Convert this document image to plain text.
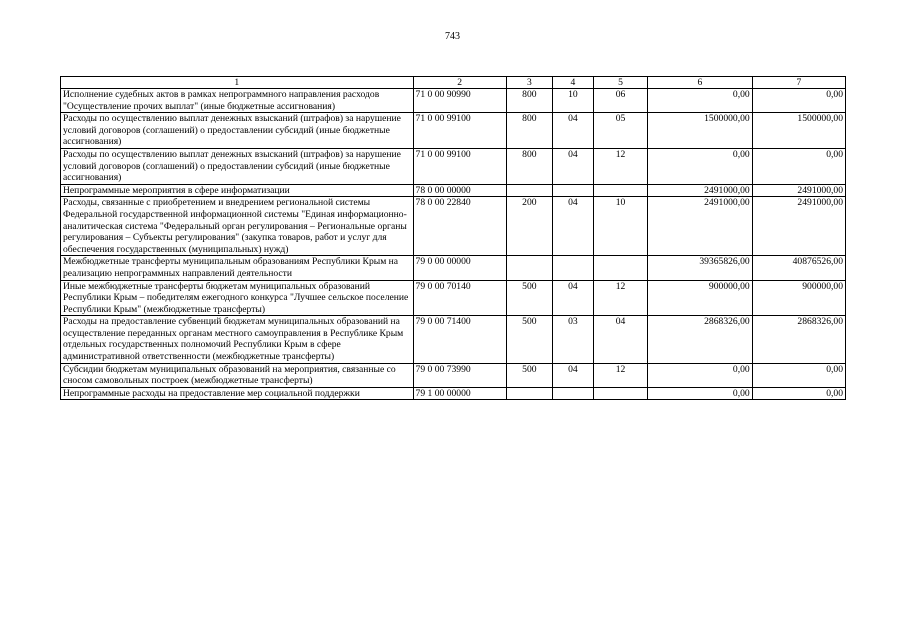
743
1	2	3	4	5	6	7
Исполнение судебных актов в рамках непрограммного направления расходов "Осуществление прочих выплат" (иные бюджетные ассигнования)	71 0 00 90990	800	10	06	0,00	0,00
Расходы по осуществлению выплат денежных взысканий (штрафов) за нарушение условий договоров (соглашений) о предоставлении субсидий (иные бюджетные ассигнования)	71 0 00 99100	800	04	05	1500000,00	1500000,00
Расходы по осуществлению выплат денежных взысканий (штрафов) за нарушение условий договоров (соглашений) о предоставлении субсидий (иные бюджетные ассигнования)	71 0 00 99100	800	04	12	0,00	0,00
Непрограммные мероприятия в сфере информатизации	78 0 00 00000				2491000,00	2491000,00
Расходы, связанные с приобретением и внедрением региональной системы Федеральной государственной информационной системы "Единая информационно-аналитическая система "Федеральный орган регулирования – Региональные органы регулирования – Субъекты регулирования" (закупка товаров, работ и услуг для обеспечения государственных (муниципальных) нужд)	78 0 00 22840	200	04	10	2491000,00	2491000,00
Межбюджетные трансферты муниципальным образованиям Республики Крым на реализацию непрограммных направлений деятельности	79 0 00 00000				39365826,00	40876526,00
Иные межбюджетные трансферты бюджетам муниципальных образований Республики Крым – победителям ежегодного конкурса "Лучшее сельское поселение Республики Крым" (межбюджетные трансферты)	79 0 00 70140	500	04	12	900000,00	900000,00
Расходы на предоставление субвенций бюджетам муниципальных образований на осуществление переданных органам местного самоуправления в Республике Крым отдельных государственных полномочий Республики Крым в сфере административной ответственности (межбюджетные трансферты)	79 0 00 71400	500	03	04	2868326,00	2868326,00
Субсидии бюджетам муниципальных образований на мероприятия, связанные со сносом самовольных построек (межбюджетные трансферты)	79 0 00 73990	500	04	12	0,00	0,00
Непрограммные расходы на предоставление мер социальной поддержки	79 1 00 00000				0,00	0,00
